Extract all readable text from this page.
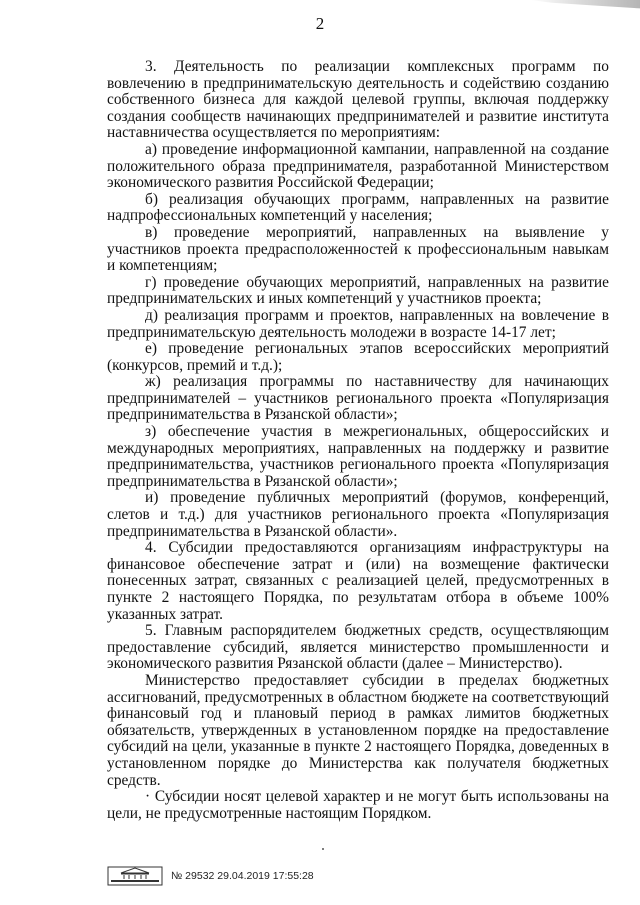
2

3. Деятельность по реализации комплексных программ по вовлечению в предпринимательскую деятельность и содействию созданию собственного бизнеса для каждой целевой группы, включая поддержку создания сообществ начинающих предпринимателей и развитие института наставничества осуществляется по мероприятиям:

а) проведение информационной кампании, направленной на создание положительного образа предпринимателя, разработанной Министерством экономического развития Российской Федерации;

б) реализация обучающих программ, направленных на развитие надпрофессиональных компетенций у населения;

в) проведение мероприятий, направленных на выявление у участников проекта предрасположенностей к профессиональным навыкам и компетенциям;

г) проведение обучающих мероприятий, направленных на развитие предпринимательских и иных компетенций у участников проекта;

д) реализация программ и проектов, направленных на вовлечение в предпринимательскую деятельность молодежи в возрасте 14-17 лет;

е) проведение региональных этапов всероссийских мероприятий (конкурсов, премий и т.д.);

ж) реализация программы по наставничеству для начинающих предпринимателей – участников регионального проекта «Популяризация предпринимательства в Рязанской области»;

з) обеспечение участия в межрегиональных, общероссийских и международных мероприятиях, направленных на поддержку и развитие предпринимательства, участников регионального проекта «Популяризация предпринимательства в Рязанской области»;

и) проведение публичных мероприятий (форумов, конференций, слетов и т.д.) для участников регионального проекта «Популяризация предпринимательства в Рязанской области».

4. Субсидии предоставляются организациям инфраструктуры на финансовое обеспечение затрат и (или) на возмещение фактически понесенных затрат, связанных с реализацией целей, предусмотренных в пункте 2 настоящего Порядка, по результатам отбора в объеме 100% указанных затрат.

5. Главным распорядителем бюджетных средств, осуществляющим предоставление субсидий, является министерство промышленности и экономического развития Рязанской области (далее – Министерство).

Министерство предоставляет субсидии в пределах бюджетных ассигнований, предусмотренных в областном бюджете на соответствующий финансовый год и плановый период в рамках лимитов бюджетных обязательств, утвержденных в установленном порядке на предоставление субсидий на цели, указанные в пункте 2 настоящего Порядка, доведенных в установленном порядке до Министерства как получателя бюджетных средств.

· Субсидии носят целевой характер и не могут быть использованы на цели, не предусмотренные настоящим Порядком.

№ 29532 29.04.2019 17:55:28
